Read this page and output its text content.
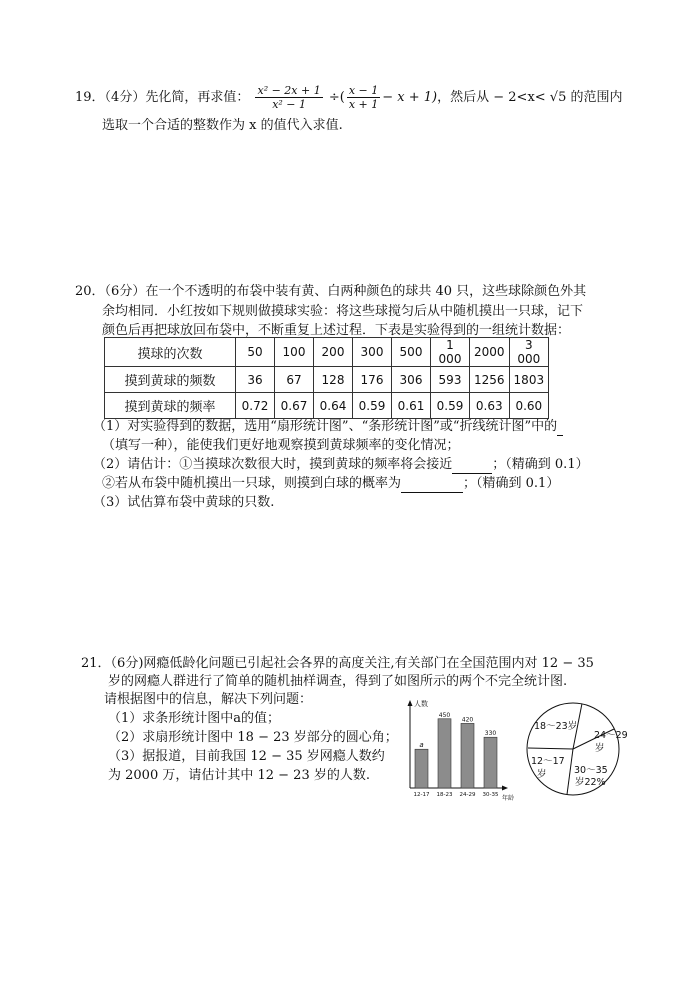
19．（4分）先化简，再求值： $\frac{\text{x² − 2x + 1}}{\text{x² − 1}}$ ÷( $\frac{x - 1}{x + 1} - x + 1$)，然后从 − 2<x< √5 的范围内
选取一个合适的整数作为 x 的值代入求值.
20．（6分）在一个不透明的布袋中装有黄、白两种颜色的球共 40 只，这些球除颜色外其
余均相同．小红按如下规则做摸球实验：将这些球搅匀后从中随机摸出一只球，记下
颜色后再把球放回布袋中，不断重复上述过程．下表是实验得到的一组统计数据：
摸球的次数	50	100	200	300	500	1 000	2000	3 000
摸到黄球的频数	36	67	128	176	306	593	1256	1803
摸到黄球的频率	0.72	0.67	0.64	0.59	0.61	0.59	0.63	0.60
（1）对实验得到的数据，选用“扇形统计图”、“条形统计图”或“折线统计图”中的
（填写一种），能使我们更好地观察摸到黄球频率的变化情况；
（2）请估计：①当摸球次数很大时，摸到黄球的频率将会接近	；（精确到 0.1）
②若从布袋中随机摸出一只球，则摸到白球的概率为	；（精确到 0.1）
（3）试估算布袋中黄球的只数.
21．（6分)网瘾低龄化问题已引起社会各界的高度关注,有关部门在全国范围内对 12 − 35
岁的网瘾人群进行了简单的随机抽样调查，得到了如图所示的两个不完全统计图.
请根据图中的信息，解决下列问题：
（1）求条形统计图中a的值；
（2）求扇形统计图中 18 − 23 岁部分的圆心角；
（3）据报道，目前我国 12 − 35 岁网瘾人数约
为 2000 万，请估计其中 12 − 23 岁的人数.
人数
年龄
a
12-17
450
18-23
420
24-29
330
30-35
18～23岁
24～29 岁
12～17 岁	30～35 岁22%
